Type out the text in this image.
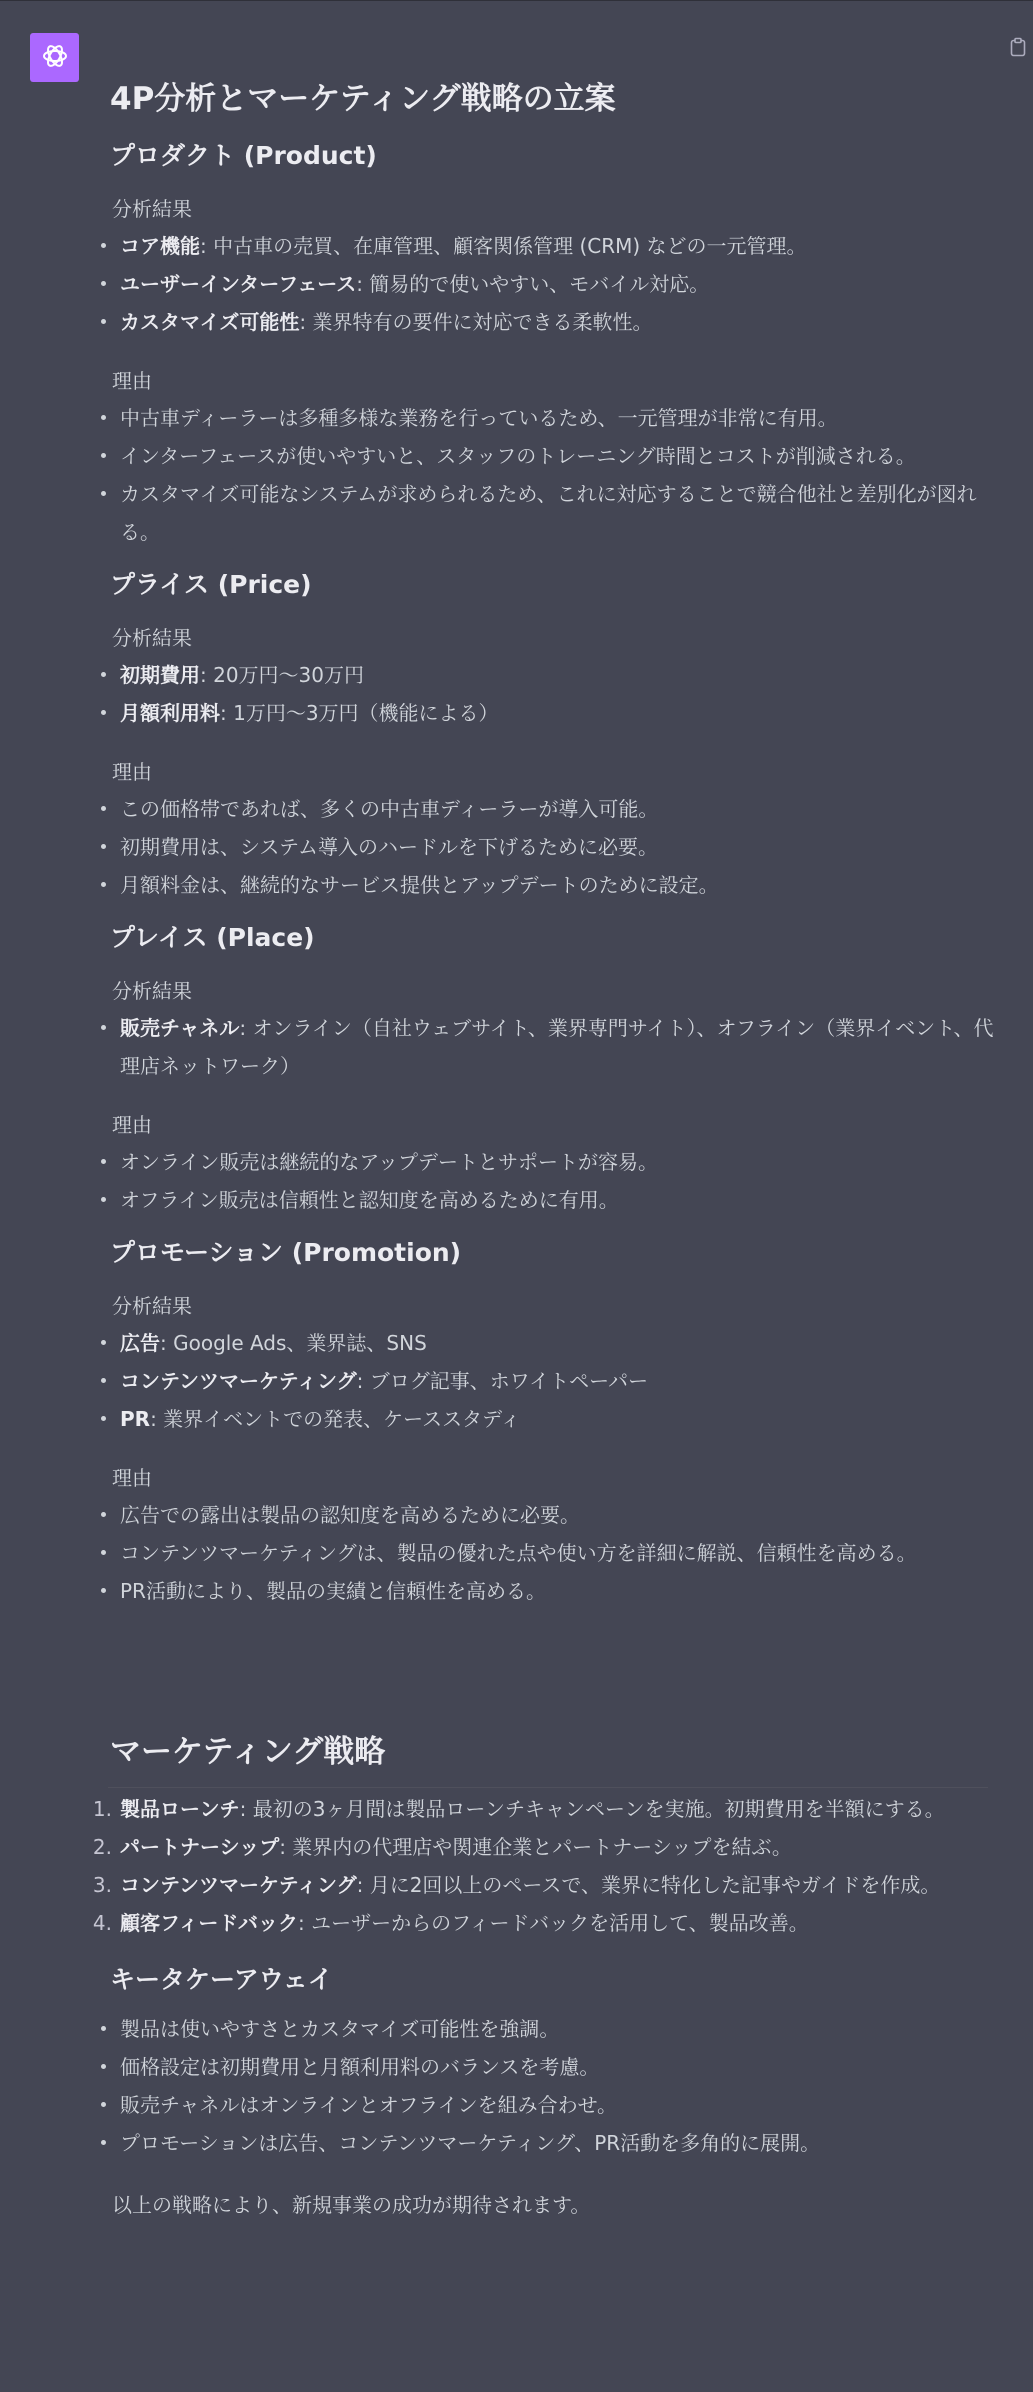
4P分析とマーケティング戦略の立案
プロダクト (Product)

分析結果

コア機能: 中古車の売買、在庫管理、顧客関係管理 (CRM) などの一元管理。
ユーザーインターフェース: 簡易的で使いやすい、モバイル対応。
カスタマイズ可能性: 業界特有の要件に対応できる柔軟性。

理由

中古車ディーラーは多種多様な業務を行っているため、一元管理が非常に有用。
インターフェースが使いやすいと、スタッフのトレーニング時間とコストが削減される。
カスタマイズ可能なシステムが求められるため、これに対応することで競合他社と差別化が図れる。
プライス (Price)

分析結果

初期費用: 20万円〜30万円
月額利用料: 1万円〜3万円（機能による）

理由

この価格帯であれば、多くの中古車ディーラーが導入可能。
初期費用は、システム導入のハードルを下げるために必要。
月額料金は、継続的なサービス提供とアップデートのために設定。
プレイス (Place)

分析結果

販売チャネル: オンライン（自社ウェブサイト、業界専門サイト）、オフライン（業界イベント、代理店ネットワーク）

理由

オンライン販売は継続的なアップデートとサポートが容易。
オフライン販売は信頼性と認知度を高めるために有用。
プロモーション (Promotion)

分析結果

広告: Google Ads、業界誌、SNS
コンテンツマーケティング: ブログ記事、ホワイトペーパー
PR: 業界イベントでの発表、ケーススタディ

理由

広告での露出は製品の認知度を高めるために必要。
コンテンツマーケティングは、製品の優れた点や使い方を詳細に解説、信頼性を高める。
PR活動により、製品の実績と信頼性を高める。
マーケティング戦略
1. 製品ローンチ: 最初の3ヶ月間は製品ローンチキャンペーンを実施。初期費用を半額にする。
2. パートナーシップ: 業界内の代理店や関連企業とパートナーシップを結ぶ。
3. コンテンツマーケティング: 月に2回以上のペースで、業界に特化した記事やガイドを作成。
4. 顧客フィードバック: ユーザーからのフィードバックを活用して、製品改善。
キータケーアウェイ
製品は使いやすさとカスタマイズ可能性を強調。
価格設定は初期費用と月額利用料のバランスを考慮。
販売チャネルはオンラインとオフラインを組み合わせ。
プロモーションは広告、コンテンツマーケティング、PR活動を多角的に展開。

以上の戦略により、新規事業の成功が期待されます。
